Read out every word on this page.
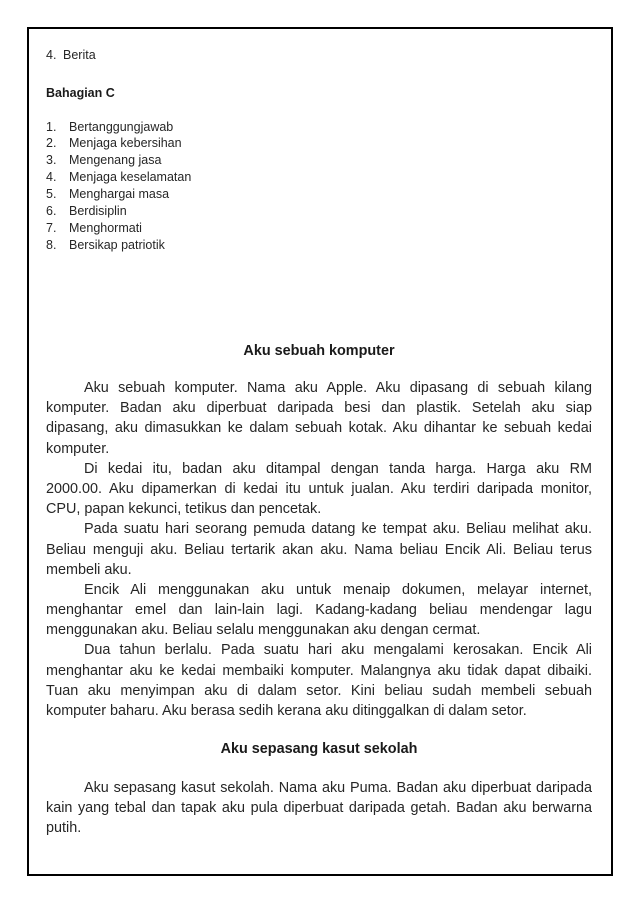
4. Berita
Bahagian C
1. Bertanggungjawab
2. Menjaga kebersihan
3. Mengenang jasa
4. Menjaga keselamatan
5. Menghargai masa
6. Berdisiplin
7. Menghormati
8. Bersikap patriotik
Aku sebuah komputer
Aku sebuah komputer. Nama aku Apple. Aku dipasang di sebuah kilang
komputer. Badan aku diperbuat daripada besi dan plastik. Setelah aku siap
dipasang, aku dimasukkan ke dalam sebuah kotak. Aku dihantar ke sebuah kedai
komputer.
Di kedai itu, badan aku ditampal dengan tanda harga. Harga aku RM
2000.00. Aku dipamerkan di kedai itu untuk jualan. Aku terdiri daripada monitor,
CPU, papan kekunci, tetikus dan pencetak.
Pada suatu hari seorang pemuda datang ke tempat aku. Beliau melihat aku.
Beliau menguji aku. Beliau tertarik akan aku. Nama beliau Encik Ali. Beliau terus
membeli aku.
Encik Ali menggunakan aku untuk menaip dokumen, melayar internet,
menghantar emel dan lain-lain lagi. Kadang-kadang beliau mendengar lagu
menggunakan aku. Beliau selalu menggunakan aku dengan cermat.
Dua tahun berlalu. Pada suatu hari aku mengalami kerosakan. Encik Ali
menghantar aku ke kedai membaiki komputer. Malangnya aku tidak dapat dibaiki.
Tuan aku menyimpan aku di dalam setor. Kini beliau sudah membeli sebuah
komputer baharu. Aku berasa sedih kerana aku ditinggalkan di dalam setor.
Aku sepasang kasut sekolah
Aku sepasang kasut sekolah. Nama aku Puma. Badan aku diperbuat daripada
kain yang tebal dan tapak aku pula diperbuat daripada getah. Badan aku berwarna
putih.
